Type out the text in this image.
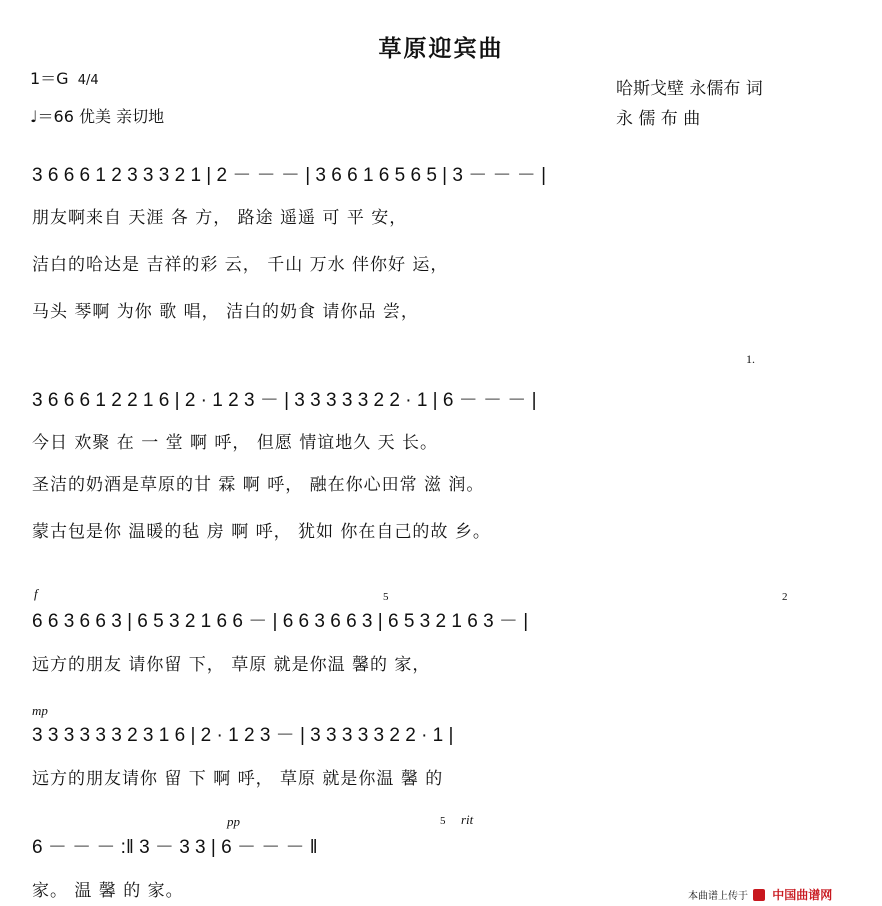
草原迎宾曲
1＝G 4/4
♩＝66 优美 亲切地
哈斯戈壁 永儒布 词
永 儒 布 曲
3 6 6 6 1 2 3 3 3 2 1 | 2 － － － | 3 6 6 1 6 5 6 5 | 3 － － － |
朋友啊来自 天涯 各 方， 路途 遥遥 可 平 安，
洁白的哈达是 吉祥的彩 云， 千山 万水 伴你好 运，
马头 琴啊 为你 歌 唱， 洁白的奶食 请你品 尝，
1.
3 6 6 6 1 2 2 1 6 | 2 · 1 2 3 － | 3 3 3 3 3 2 2 · 1 | 6 － － － |
今日 欢聚 在 一 堂 啊 呼， 但愿 情谊地久 天 长。
圣洁的奶酒是草原的甘 霖 啊 呼， 融在你心田常 滋 润。
蒙古包是你 温暖的毡 房 啊 呼， 犹如 你在自己的故 乡。
f	5	2
6 6 3 6 6 3 | 6 5 3 2 1 6 6 － | 6 6 3 6 6 3 | 6 5 3 2 1 6 3 － |
远方的朋友 请你留 下， 草原 就是你温 馨的 家，
mp
3 3 3 3 3 3 2 3 1 6 | 2 · 1 2 3 － | 3 3 3 3 3 2 2 · 1 |
远方的朋友请你 留 下 啊 呼， 草原 就是你温 馨 的
pp	5 rit
6 － － － :‖ 3 － 3 3 | 6 － － － ‖
家。 温 馨 的 家。	本曲谱上传于 中国曲谱网
